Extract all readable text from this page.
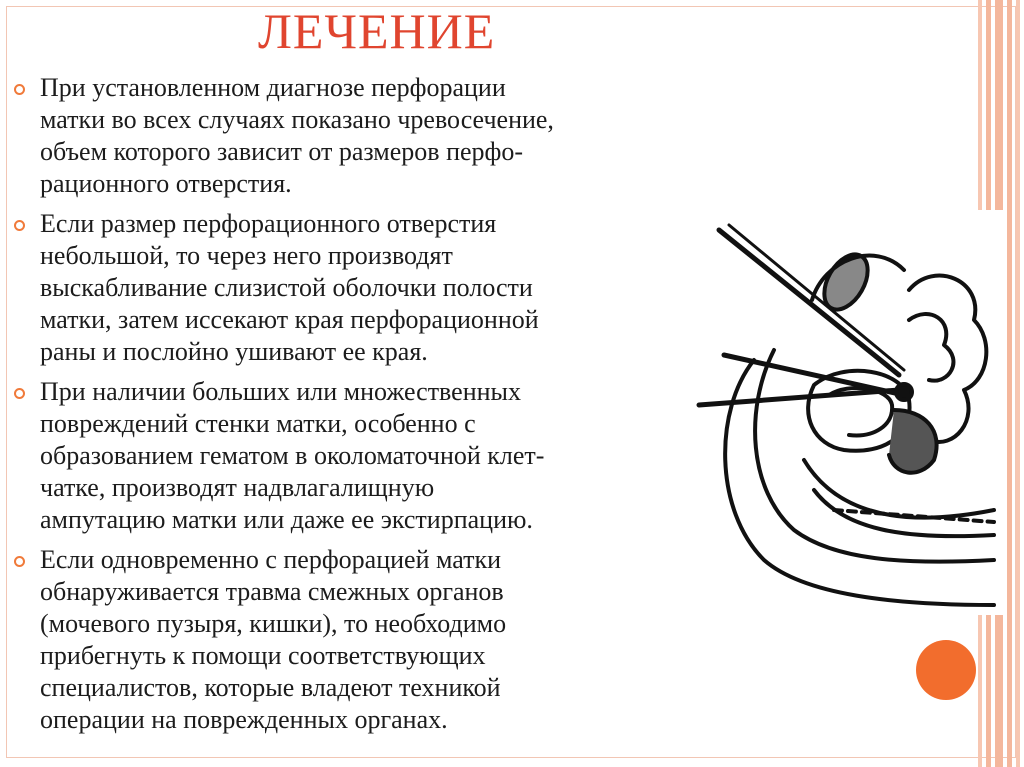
ЛЕЧЕНИЕ
При установленном диагнозе перфорации
матки во всех случаях показано чревосечение,
объем которого зависит от размеров перфо-
рационного отверстия.
Если размер перфорационного отверстия
небольшой, то через него производят
выскабливание слизистой оболочки полости
матки, затем иссекают края перфорационной
раны и послойно ушивают ее края.
При наличии больших или множественных
повреждений стенки матки, особенно с
образованием гематом в околоматочной клет-
чатке, производят надвлагалищную
ампутацию матки или даже ее экстирпацию.
Если одновременно с перфорацией матки
обнаруживается травма смежных органов
(мочевого пузыря, кишки), то необходимо
прибегнуть к помощи соответствующих
специалистов, которые владеют техникой
операции на поврежденных органах.
